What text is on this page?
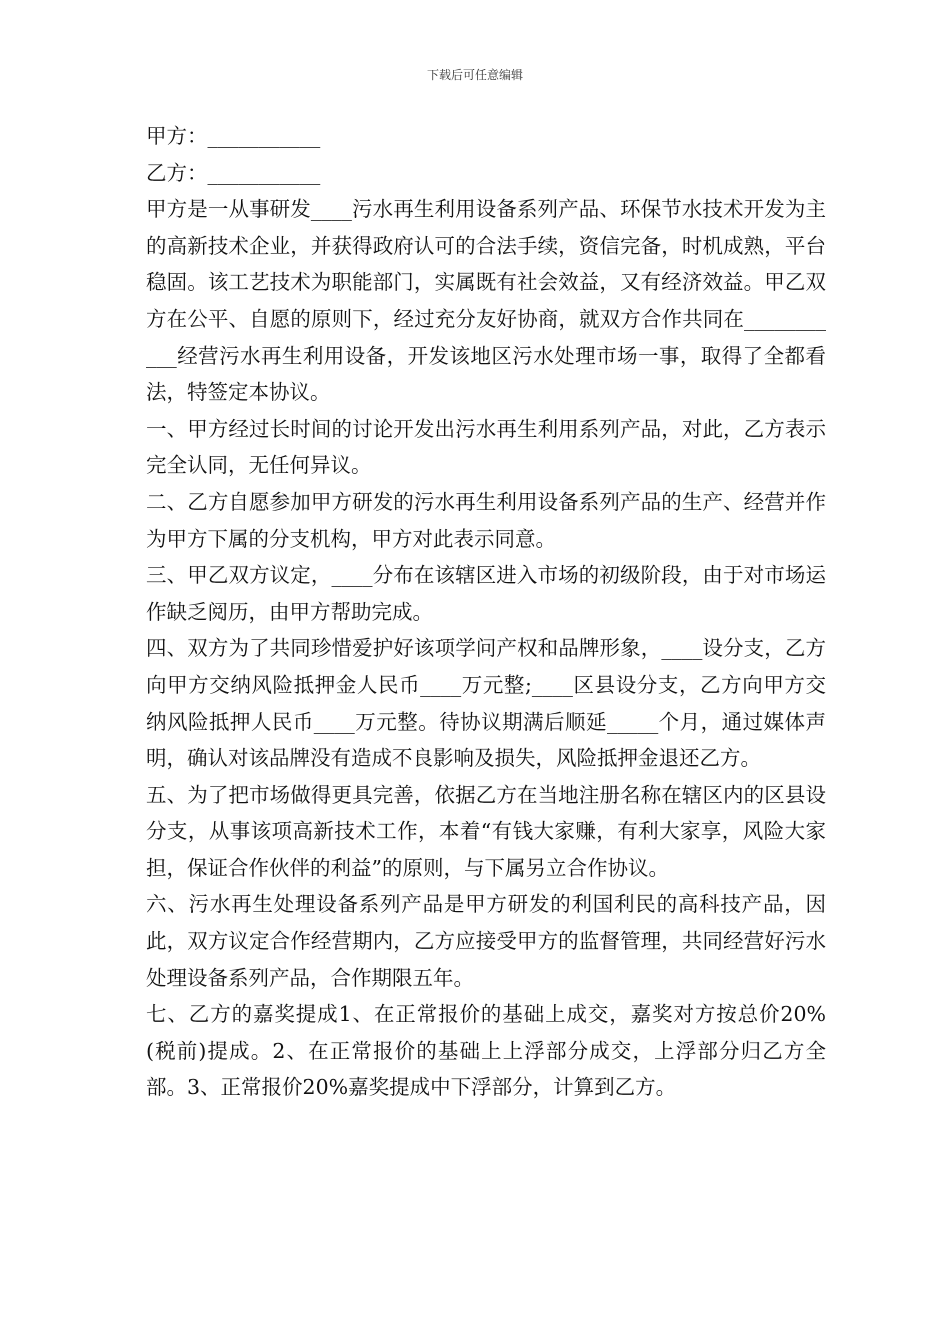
下载后可任意编辑

甲方：___________

乙方：___________

甲方是一从事研发____污水再生利用设备系列产品、环保节水技术开发为主的高新技术企业，并获得政府认可的合法手续，资信完备，时机成熟，平台稳固。该工艺技术为职能部门，实属既有社会效益，又有经济效益。甲乙双方在公平、自愿的原则下，经过充分友好协商，就双方合作共同在___________经营污水再生利用设备，开发该地区污水处理市场一事，取得了全都看法，特签定本协议。

一、甲方经过长时间的讨论开发出污水再生利用系列产品，对此，乙方表示完全认同，无任何异议。

二、乙方自愿参加甲方研发的污水再生利用设备系列产品的生产、经营并作为甲方下属的分支机构，甲方对此表示同意。

三、甲乙双方议定，____分布在该辖区进入市场的初级阶段，由于对市场运作缺乏阅历，由甲方帮助完成。

四、双方为了共同珍惜爱护好该项学问产权和品牌形象，____设分支，乙方向甲方交纳风险抵押金人民币____万元整;____区县设分支，乙方向甲方交纳风险抵押人民币____万元整。待协议期满后顺延_____个月，通过媒体声明，确认对该品牌没有造成不良影响及损失，风险抵押金退还乙方。

五、为了把市场做得更具完善，依据乙方在当地注册名称在辖区内的区县设分支，从事该项高新技术工作，本着“有钱大家赚，有利大家享，风险大家担，保证合作伙伴的利益”的原则，与下属另立合作协议。

六、污水再生处理设备系列产品是甲方研发的利国利民的高科技产品，因此，双方议定合作经营期内，乙方应接受甲方的监督管理，共同经营好污水处理设备系列产品，合作期限五年。

七、乙方的嘉奖提成1、在正常报价的基础上成交，嘉奖对方按总价20%(税前)提成。2、在正常报价的基础上上浮部分成交，上浮部分归乙方全部。3、正常报价20%嘉奖提成中下浮部分，计算到乙方。
